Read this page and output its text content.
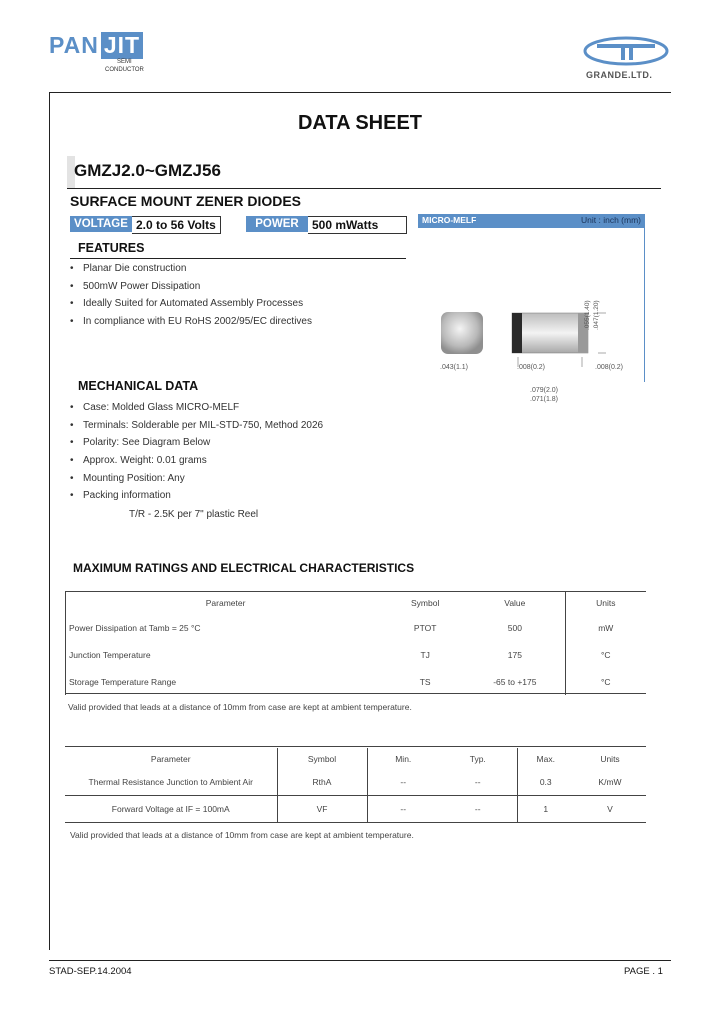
PAN JIT
SEMI
CONDUCTOR	GRANDE.LTD.
DATA SHEET
GMZJ2.0~GMZJ56
SURFACE MOUNT ZENER DIODES
VOLTAGE 2.0 to 56 Volts	POWER	500 mWatts
FEATURES
• Planar Die construction
• 500mW Power Dissipation
• Ideally Suited for Automated Assembly Processes
• In compliance with EU RoHS 2002/95/EC directives
MICRO-MELF	Unit : inch (mm)
.043(1.1)	.008(0.2)	.008(0.2)
.079(2.0)
.071(1.8)
.055(1.40) .047(1.20)
MECHANICAL DATA
• Case: Molded Glass MICRO-MELF
• Terminals: Solderable per MIL-STD-750, Method 2026
• Polarity: See Diagram Below
• Approx. Weight: 0.01 grams
• Mounting Position: Any
• Packing information
T/R - 2.5K per 7" plastic Reel
MAXIMUM RATINGS AND ELECTRICAL CHARACTERISTICS
Parameter	Symbol	Value	Units
Power Dissipation at Tamb = 25 °C	PTOT	500	mW
Junction Temperature	TJ	175	°C
Storage Temperature Range	TS	-65 to +175	°C
Valid provided that leads at a distance of 10mm from case are kept at ambient temperature.
Parameter	Symbol	Min.	Typ.	Max.	Units
Thermal Resistance Junction to Ambient Air	RthA	--	--	0.3	K/mW
Forward Voltage at IF = 100mA	VF	--	--	1	V
Valid provided that leads at a distance of 10mm from case are kept at ambient temperature.
STAD-SEP.14.2004	PAGE . 1
